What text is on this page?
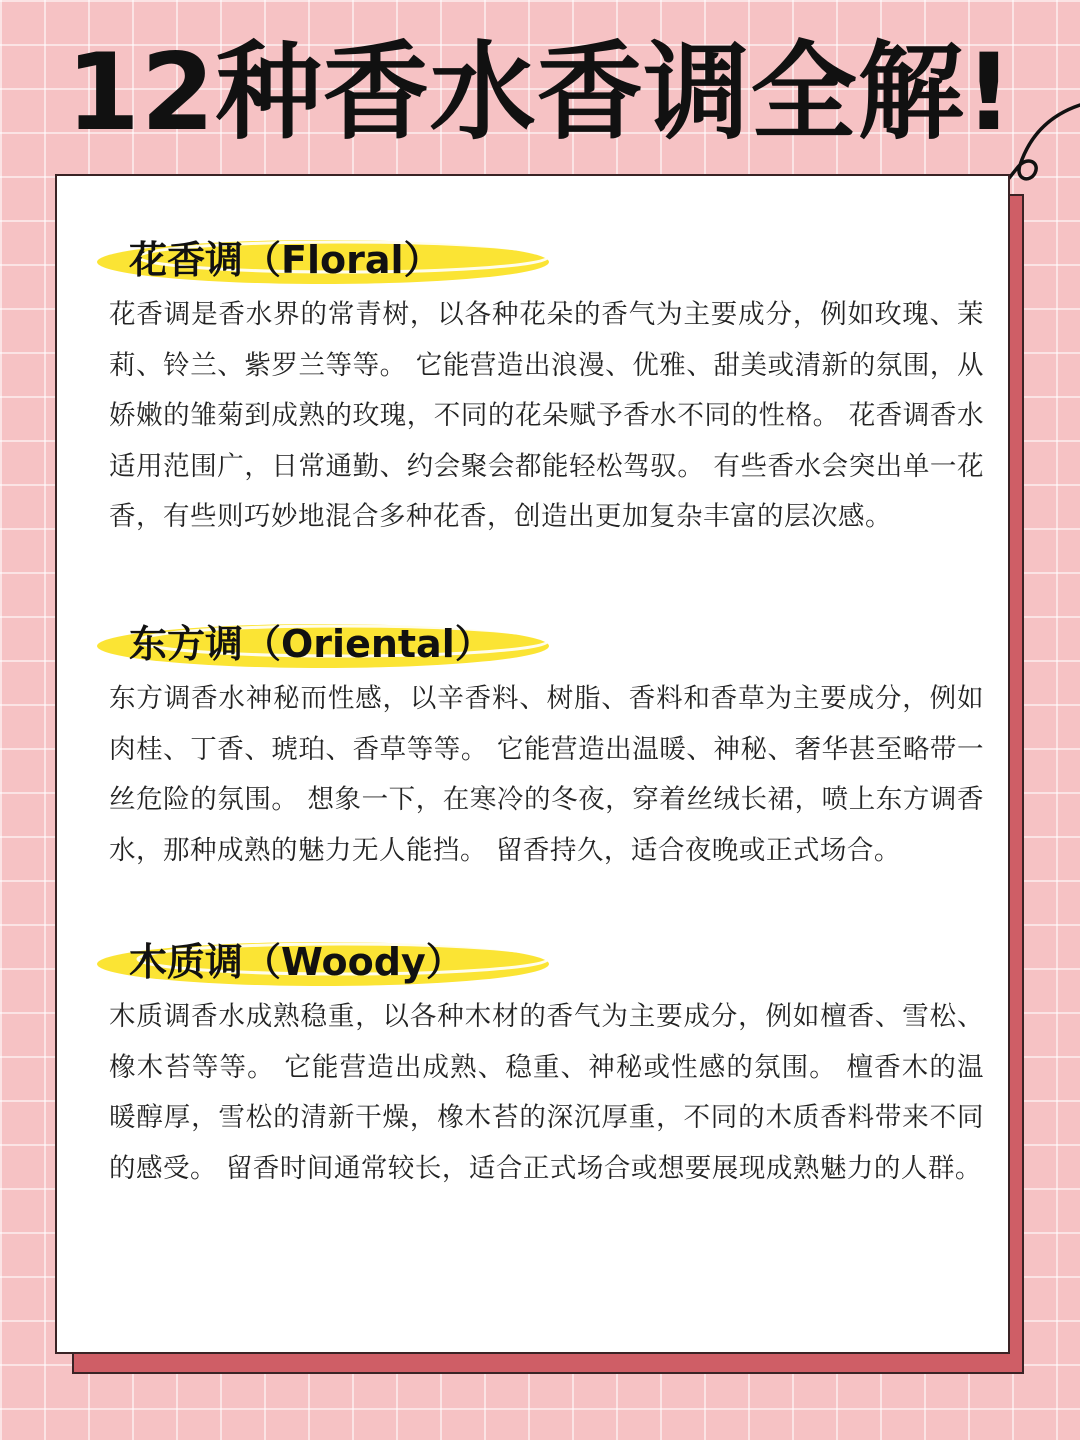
12种香水香调全解!
花香调（Floral）

花香调是香水界的常青树，以各种花朵的香气为主要成分，例如玫瑰、茉莉、铃兰、紫罗兰等等。 它能营造出浪漫、优雅、甜美或清新的氛围，从娇嫩的雏菊到成熟的玫瑰，不同的花朵赋予香水不同的性格。 花香调香水适用范围广，日常通勤、约会聚会都能轻松驾驭。 有些香水会突出单一花香，有些则巧妙地混合多种花香，创造出更加复杂丰富的层次感。

东方调（Oriental）

东方调香水神秘而性感，以辛香料、树脂、香料和香草为主要成分，例如肉桂、丁香、琥珀、香草等等。 它能营造出温暖、神秘、奢华甚至略带一丝危险的氛围。 想象一下，在寒冷的冬夜，穿着丝绒长裙，喷上东方调香水，那种成熟的魅力无人能挡。 留香持久，适合夜晚或正式场合。

木质调（Woody）

木质调香水成熟稳重，以各种木材的香气为主要成分，例如檀香、雪松、橡木苔等等。 它能营造出成熟、稳重、神秘或性感的氛围。 檀香木的温暖醇厚，雪松的清新干燥，橡木苔的深沉厚重，不同的木质香料带来不同的感受。 留香时间通常较长，适合正式场合或想要展现成熟魅力的人群。
